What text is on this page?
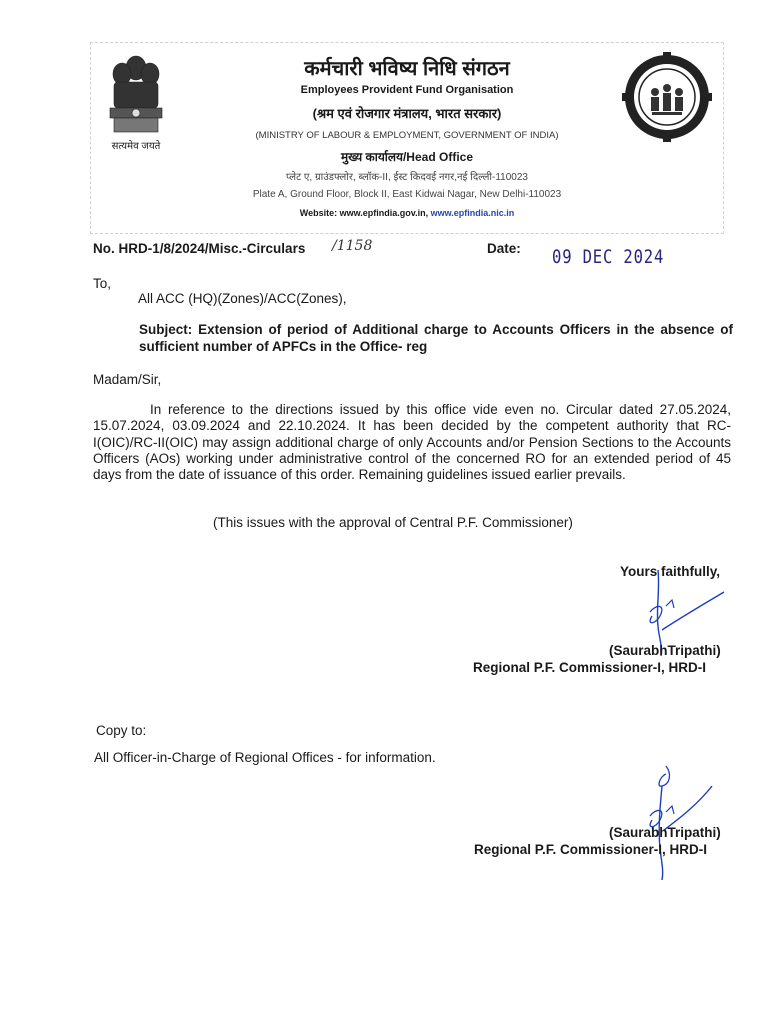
सत्यमेव जयते
कर्मचारी भविष्य निधि संगठन
Employees Provident Fund Organisation
(श्रम एवं रोजगार मंत्रालय, भारत सरकार)
(MINISTRY OF LABOUR & EMPLOYMENT, GOVERNMENT OF INDIA)
मुख्य कार्यालय/Head Office
प्लेट ए, ग्राउंडफ्लोर, ब्लॉक-II, ईस्ट किदवई नगर,नई दिल्ली-110023
Plate A, Ground Floor, Block II, East Kidwai Nagar, New Delhi-110023
Website: www.epfindia.gov.in, www.epfindia.nic.in
No. HRD-1/8/2024/Misc.-Circulars /1158	Date: 09 DEC 2024
To,
All ACC (HQ)(Zones)/ACC(Zones),
Subject: Extension of period of Additional charge to Accounts Officers in the absence of sufficient number of APFCs in the Office- reg
Madam/Sir,
In reference to the directions issued by this office vide even no. Circular dated 27.05.2024, 15.07.2024, 03.09.2024 and 22.10.2024. It has been decided by the competent authority that RC-I(OIC)/RC-II(OIC) may assign additional charge of only Accounts and/or Pension Sections to the Accounts Officers (AOs) working under administrative control of the concerned RO for an extended period of 45 days from the date of issuance of this order. Remaining guidelines issued earlier prevails.
(This issues with the approval of Central P.F. Commissioner)
Yours faithfully,
(SaurabhTripathi)
Regional P.F. Commissioner-I, HRD-I
Copy to:
All Officer-in-Charge of Regional Offices - for information.
(SaurabhTripathi)
Regional P.F. Commissioner-I, HRD-I
